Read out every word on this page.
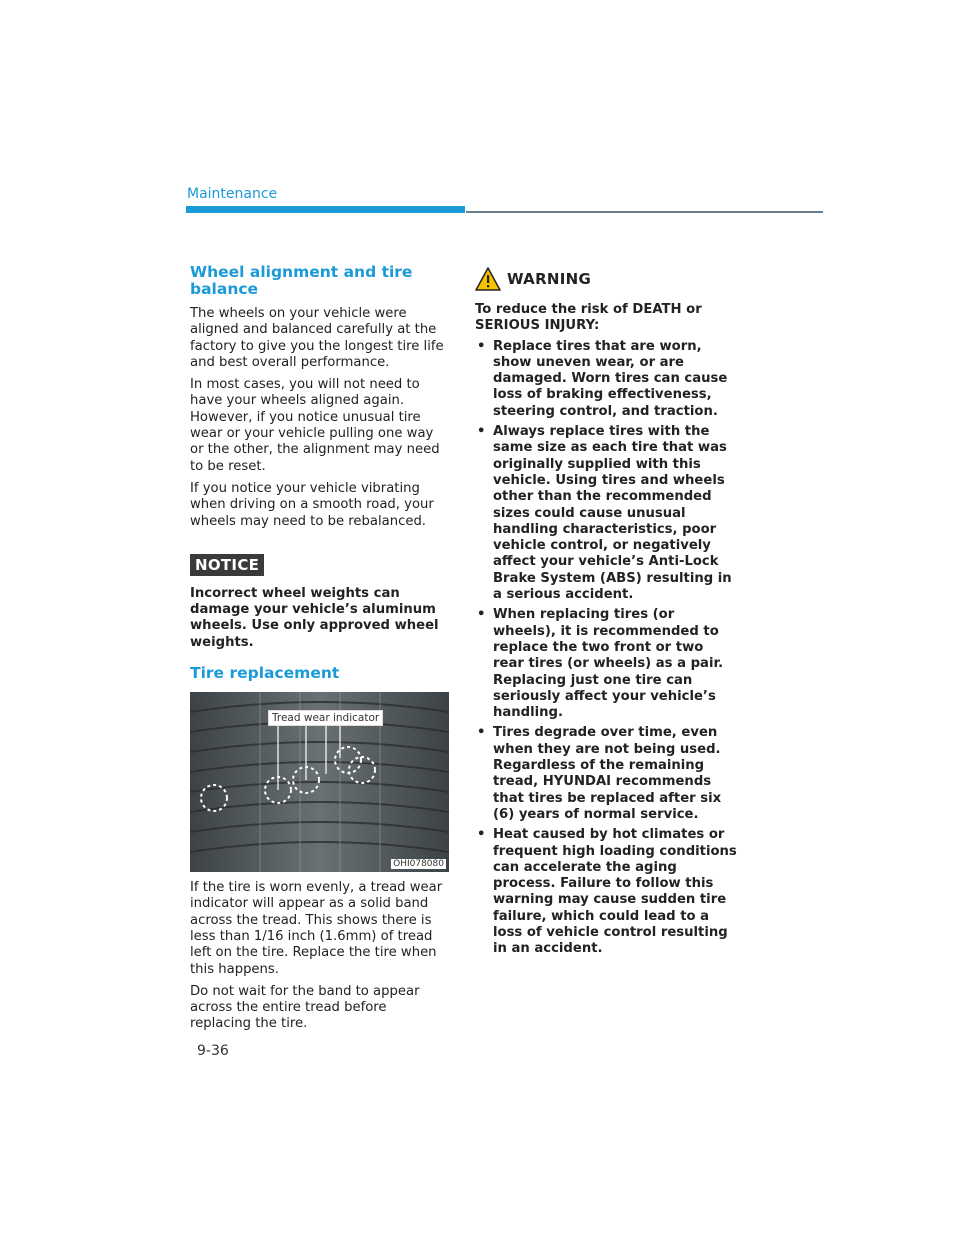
Maintenance
Wheel alignment and tire balance

The wheels on your vehicle were aligned and balanced carefully at the factory to give you the longest tire life and best overall performance.

In most cases, you will not need to have your wheels aligned again. However, if you notice unusual tire wear or your vehicle pulling one way or the other, the alignment may need to be reset.

If you notice your vehicle vibrating when driving on a smooth road, your wheels may need to be rebalanced.

NOTICE

Incorrect wheel weights can damage your vehicle’s aluminum wheels. Use only approved wheel weights.

Tire replacement
Tread wear indicator
OHI078080

If the tire is worn evenly, a tread wear indicator will appear as a solid band across the tread. This shows there is less than 1/16 inch (1.6mm) of tread left on the tire. Replace the tire when this happens.

Do not wait for the band to appear across the entire tread before replacing the tire.

WARNING

To reduce the risk of DEATH or SERIOUS INJURY:

• Replace tires that are worn, show uneven wear, or are damaged. Worn tires can cause loss of braking effectiveness, steering control, and traction.
• Always replace tires with the same size as each tire that was originally supplied with this vehicle. Using tires and wheels other than the recommended sizes could cause unusual handling characteristics, poor vehicle control, or negatively affect your vehicle’s Anti-Lock Brake System (ABS) resulting in a serious accident.
• When replacing tires (or wheels), it is recommended to replace the two front or two rear tires (or wheels) as a pair. Replacing just one tire can seriously affect your vehicle’s handling.
• Tires degrade over time, even when they are not being used. Regardless of the remaining tread, HYUNDAI recommends that tires be replaced after six (6) years of normal service.
• Heat caused by hot climates or frequent high loading conditions can accelerate the aging process. Failure to follow this warning may cause sudden tire failure, which could lead to a loss of vehicle control resulting in an accident.
9-36
